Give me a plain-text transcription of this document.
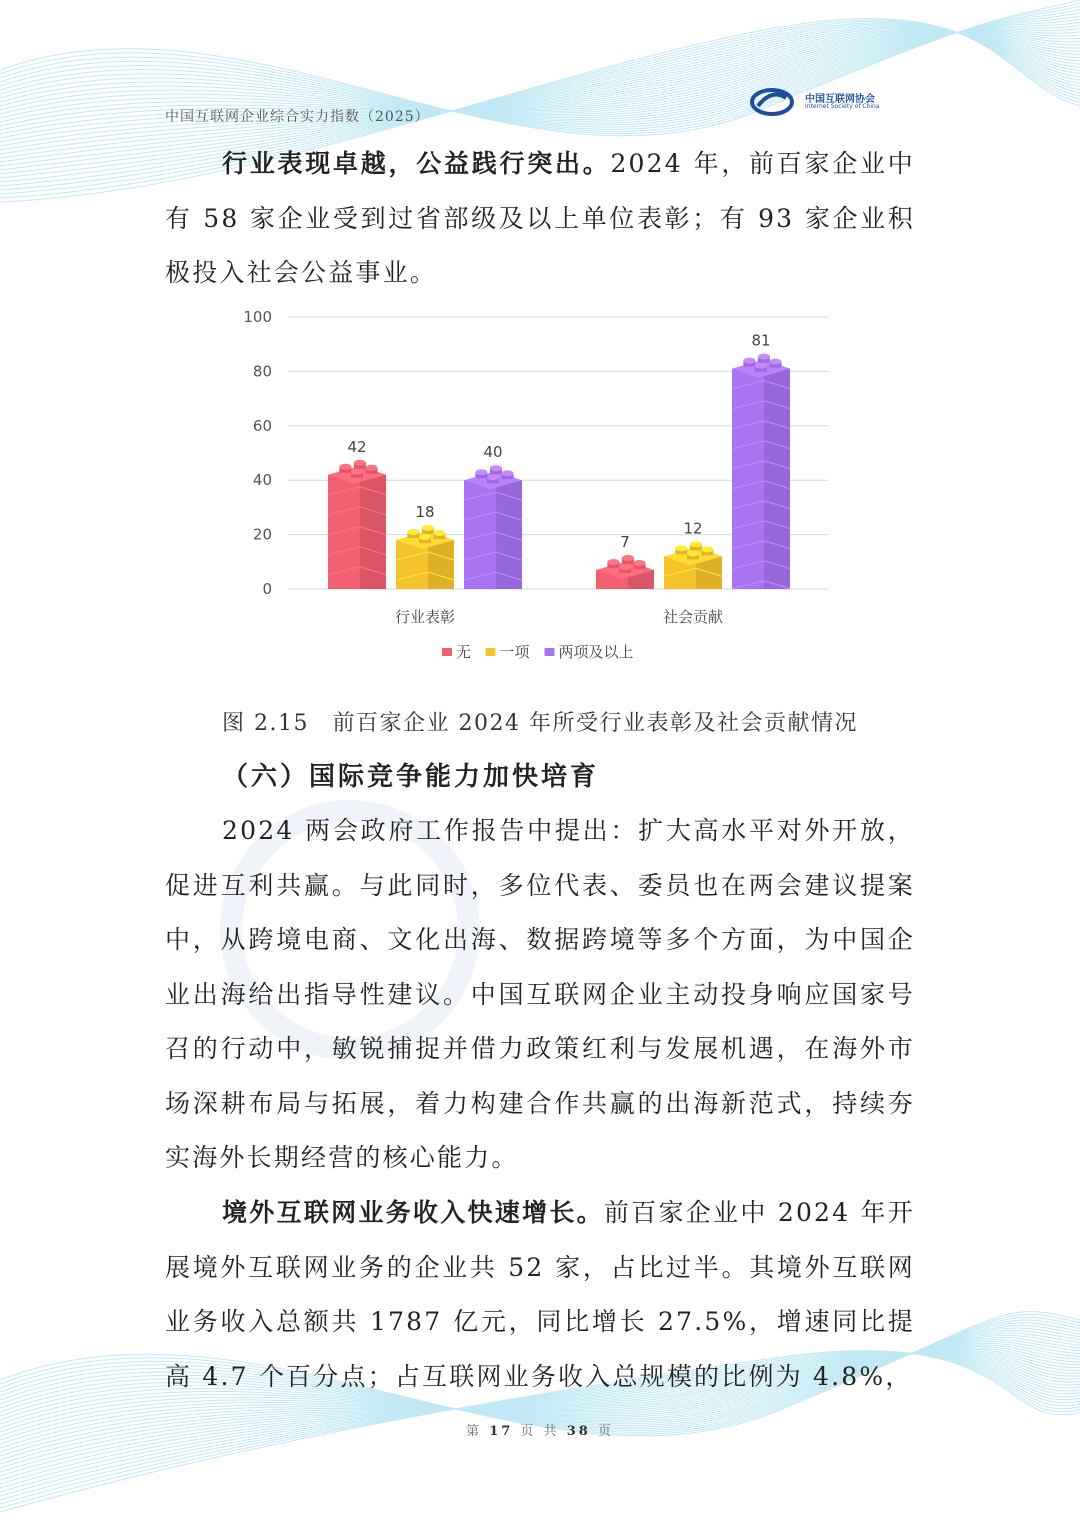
中国互联网企业综合实力指数（2025）
中国互联网协会
Internet Society of China

行业表现卓越，公益践行突出。2024 年，前百家企业中有 58 家企业受到过省部级及以上单位表彰；有 93 家企业积极投入社会公益事业。

0
20
40
60
80
100
42
18
40
7
12
81
行业表彰	社会贡献
无 一项 两项及以上
图 2.15　前百家企业 2024 年所受行业表彰及社会贡献情况
（六）国际竞争能力加快培育

2024 两会政府工作报告中提出：扩大高水平对外开放，促进互利共赢。与此同时，多位代表、委员也在两会建议提案中，从跨境电商、文化出海、数据跨境等多个方面，为中国企业出海给出指导性建议。中国互联网企业主动投身响应国家号召的行动中，敏锐捕捉并借力政策红利与发展机遇，在海外市场深耕布局与拓展，着力构建合作共赢的出海新范式，持续夯实海外长期经营的核心能力。

境外互联网业务收入快速增长。前百家企业中 2024 年开展境外互联网业务的企业共 52 家，占比过半。其境外互联网业务收入总额共 1787 亿元，同比增长 27.5%，增速同比提高 4.7 个百分点；占互联网业务收入总规模的比例为 4.8%，

第 17 页 共 38 页
